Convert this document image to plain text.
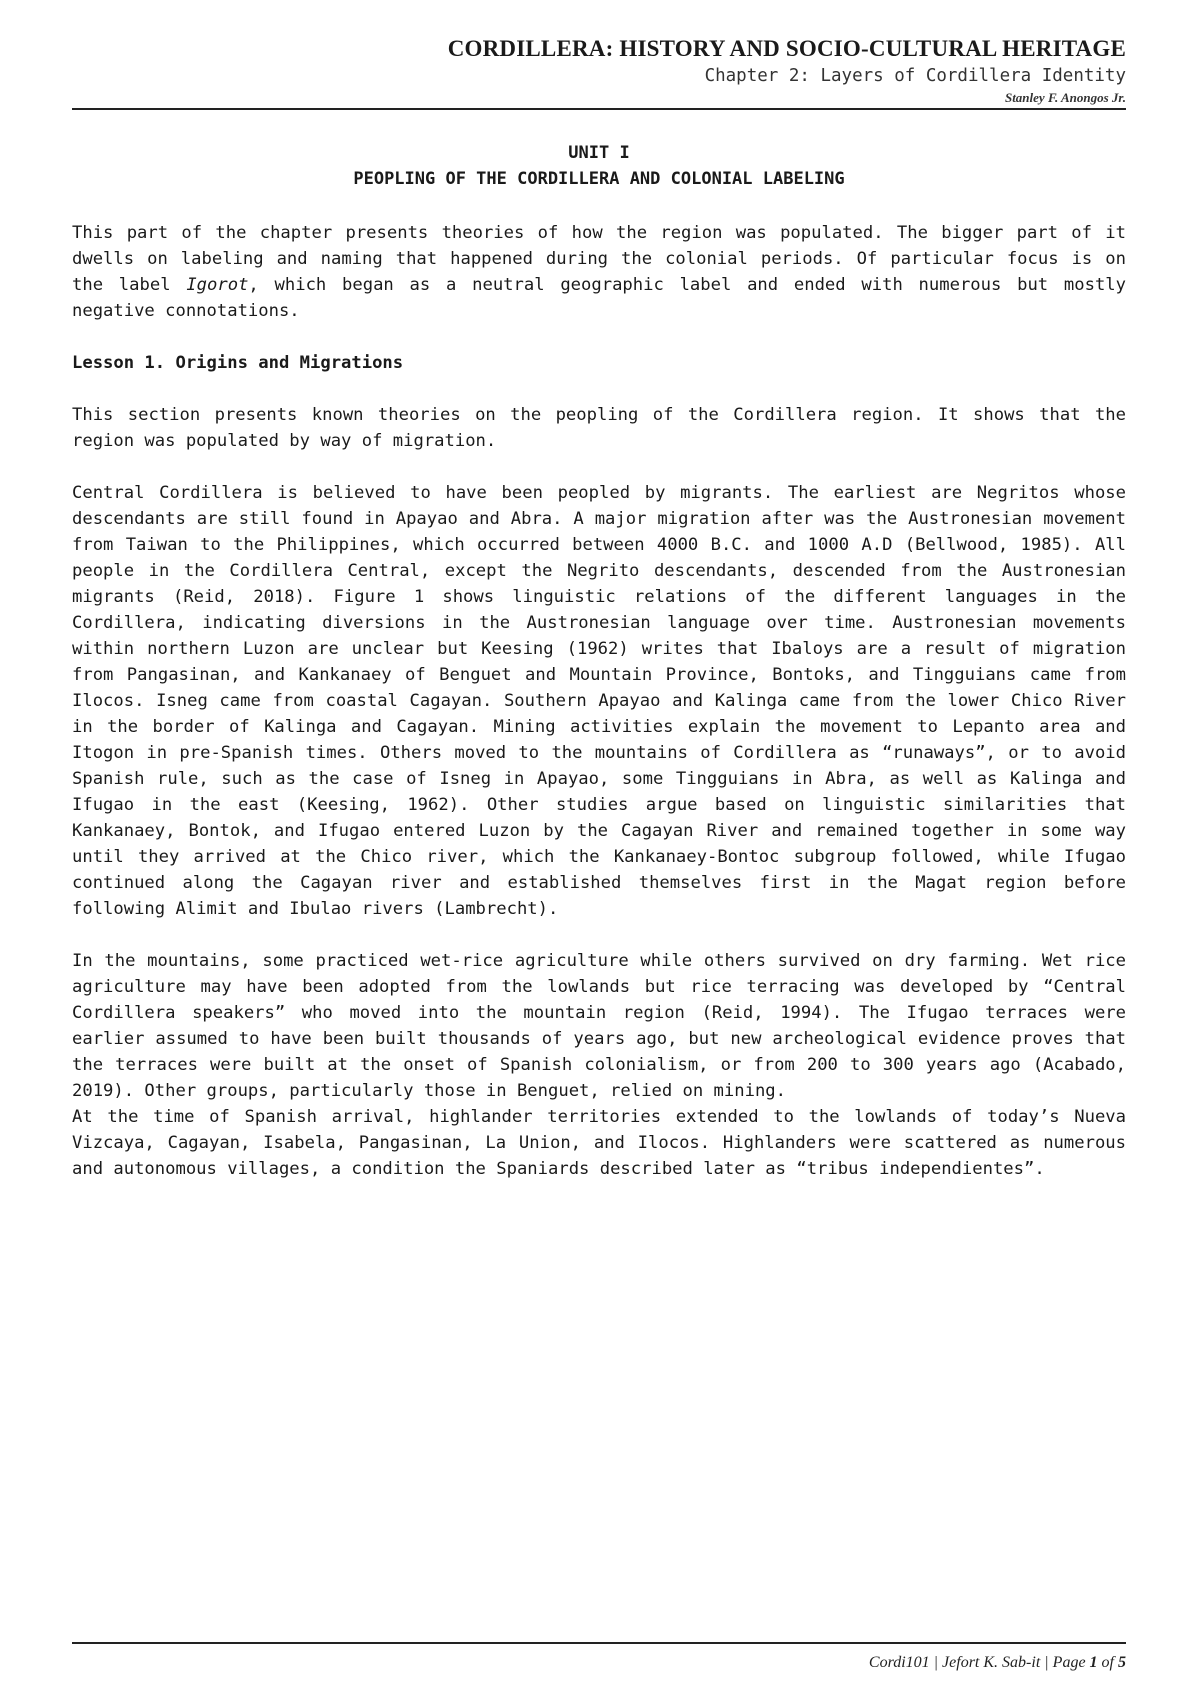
CORDILLERA: HISTORY AND SOCIO-CULTURAL HERITAGE
Chapter 2: Layers of Cordillera Identity
Stanley F. Anongos Jr.
UNIT I
PEOPLING OF THE CORDILLERA AND COLONIAL LABELING

This part of the chapter presents theories of how the region was populated. The bigger part of it dwells on labeling and naming that happened during the colonial periods. Of particular focus is on the label Igorot, which began as a neutral geographic label and ended with numerous but mostly negative connotations.

Lesson 1. Origins and Migrations

This section presents known theories on the peopling of the Cordillera region. It shows that the region was populated by way of migration.

Central Cordillera is believed to have been peopled by migrants. The earliest are Negritos whose descendants are still found in Apayao and Abra. A major migration after was the Austronesian movement from Taiwan to the Philippines, which occurred between 4000 B.C. and 1000 A.D (Bellwood, 1985). All people in the Cordillera Central, except the Negrito descendants, descended from the Austronesian migrants (Reid, 2018). Figure 1 shows linguistic relations of the different languages in the Cordillera, indicating diversions in the Austronesian language over time. Austronesian movements within northern Luzon are unclear but Keesing (1962) writes that Ibaloys are a result of migration from Pangasinan, and Kankanaey of Benguet and Mountain Province, Bontoks, and Tingguians came from Ilocos. Isneg came from coastal Cagayan. Southern Apayao and Kalinga came from the lower Chico River in the border of Kalinga and Cagayan. Mining activities explain the movement to Lepanto area and Itogon in pre-Spanish times. Others moved to the mountains of Cordillera as “runaways”, or to avoid Spanish rule, such as the case of Isneg in Apayao, some Tingguians in Abra, as well as Kalinga and Ifugao in the east (Keesing, 1962). Other studies argue based on linguistic similarities that Kankanaey, Bontok, and Ifugao entered Luzon by the Cagayan River and remained together in some way until they arrived at the Chico river, which the Kankanaey-Bontoc subgroup followed, while Ifugao continued along the Cagayan river and established themselves first in the Magat region before following Alimit and Ibulao rivers (Lambrecht).

In the mountains, some practiced wet-rice agriculture while others survived on dry farming. Wet rice agriculture may have been adopted from the lowlands but rice terracing was developed by “Central Cordillera speakers” who moved into the mountain region (Reid, 1994). The Ifugao terraces were earlier assumed to have been built thousands of years ago, but new archeological evidence proves that the terraces were built at the onset of Spanish colonialism, or from 200 to 300 years ago (Acabado, 2019). Other groups, particularly those in Benguet, relied on mining.

At the time of Spanish arrival, highlander territories extended to the lowlands of today’s Nueva Vizcaya, Cagayan, Isabela, Pangasinan, La Union, and Ilocos. Highlanders were scattered as numerous and autonomous villages, a condition the Spaniards described later as “tribus independientes”.

Cordi101 | Jefort K. Sab-it | Page 1 of 5
